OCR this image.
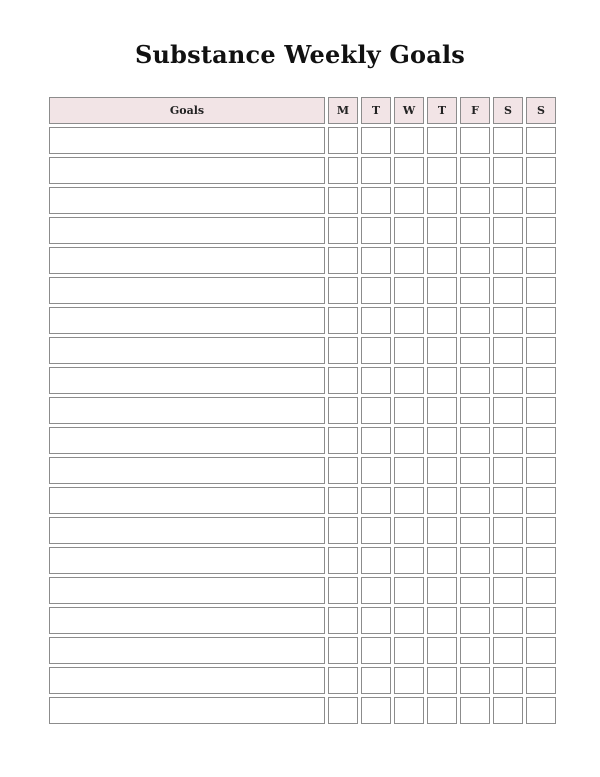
Substance Weekly Goals
Goals	M	T	W	T	F	S	S
